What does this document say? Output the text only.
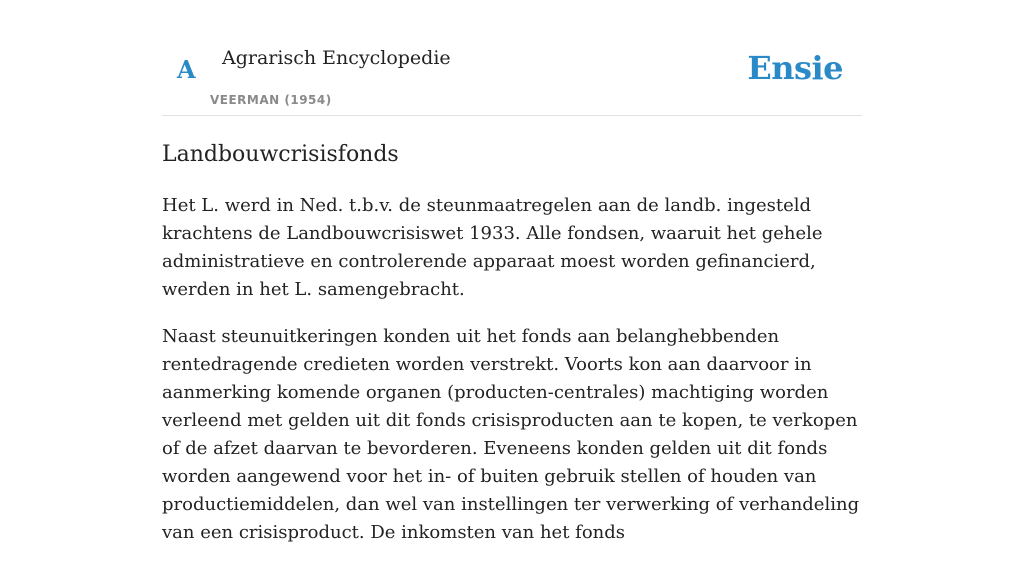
A Agrarisch Encyclopedie
VEERMAN (1954)
Ensie
Landbouwcrisisfonds

Het L. werd in Ned. t.b.v. de steunmaatregelen aan de landb. ingesteld krachtens de Landbouwcrisiswet 1933. Alle fondsen, waaruit het gehele administratieve en controlerende apparaat moest worden gefinancierd, werden in het L. samengebracht.

Naast steunuitkeringen konden uit het fonds aan belanghebbenden rentedragende credieten worden verstrekt. Voorts kon aan daarvoor in aanmerking komende organen (producten-centrales) machtiging worden verleend met gelden uit dit fonds crisisproducten aan te kopen, te verkopen of de afzet daarvan te bevorderen. Eveneens konden gelden uit dit fonds worden aangewend voor het in- of buiten gebruik stellen of houden van productiemiddelen, dan wel van instellingen ter verwerking of verhandeling van een crisisproduct. De inkomsten van het fonds
